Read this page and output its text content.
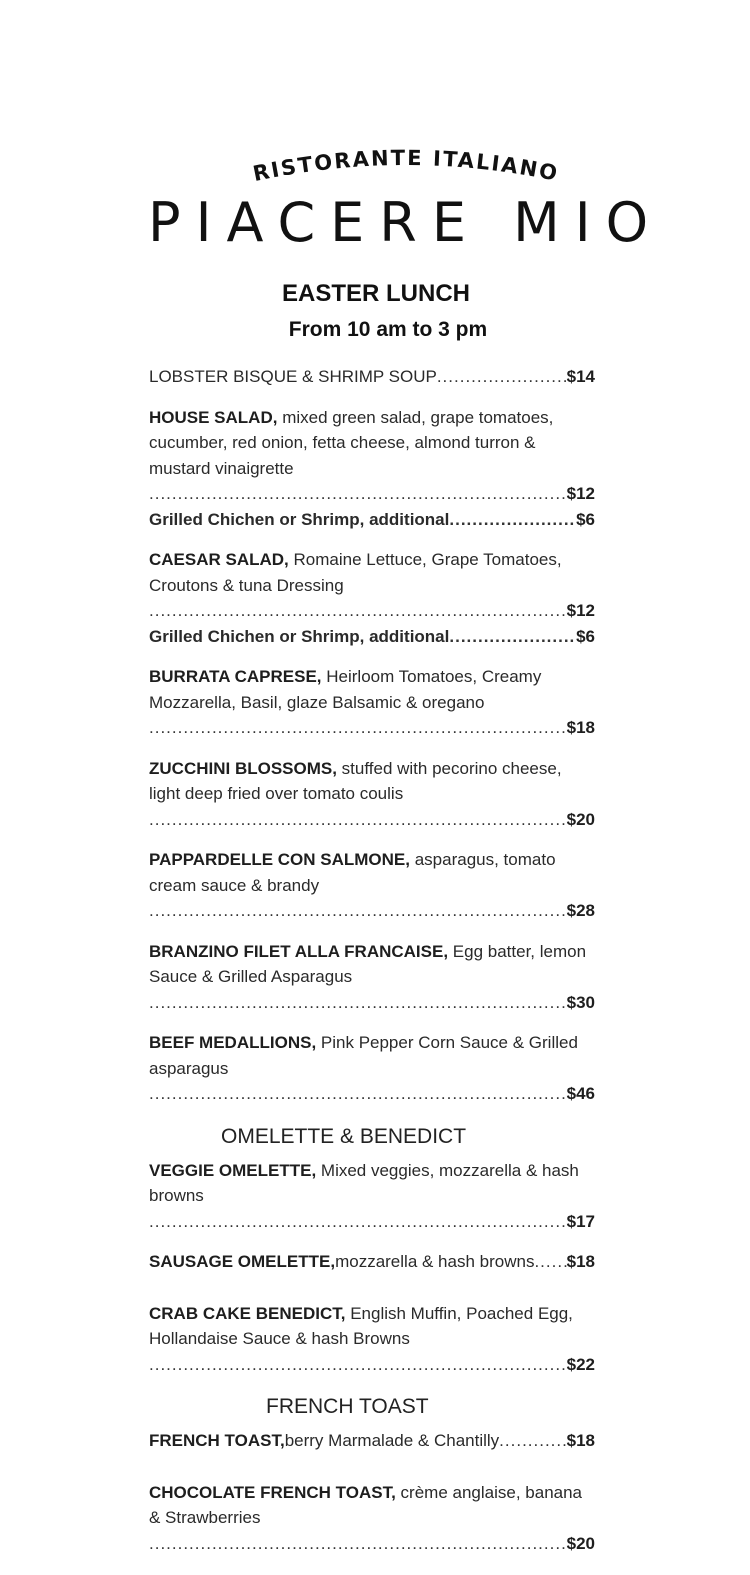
RISTORANTE ITALIANO
PIACERE MIO
EASTER LUNCH
From 10 am to 3 pm
LOBSTER BISQUE & SHRIMP SOUP .....	$14
HOUSE SALAD, mixed green salad, grape tomatoes, cucumber, red onion, fetta cheese, almond turron & mustard vinaigrette
.....
$12
Grilled Chichen or Shrimp, additional .....	$6
CAESAR SALAD, Romaine Lettuce, Grape Tomatoes, Croutons & tuna Dressing
.....
$12
Grilled Chichen or Shrimp, additional .....	$6
BURRATA CAPRESE, Heirloom Tomatoes, Creamy Mozzarella, Basil, glaze Balsamic & oregano
.....
$18
ZUCCHINI BLOSSOMS, stuffed with pecorino cheese, light deep fried over tomato coulis
.....
$20
PAPPARDELLE CON SALMONE, asparagus, tomato cream sauce & brandy
.....
$28
BRANZINO FILET ALLA FRANCAISE, Egg batter, lemon Sauce & Grilled Asparagus
.....
$30
BEEF MEDALLIONS, Pink Pepper Corn Sauce & Grilled asparagus
.....
$46
OMELETTE & BENEDICT
VEGGIE OMELETTE, Mixed veggies, mozzarella & hash browns
.....
$17
SAUSAGE OMELETTE, mozzarella & hash browns ..... $18
CRAB CAKE BENEDICT, English Muffin, Poached Egg, Hollandaise Sauce & hash Browns
.....
$22
FRENCH TOAST
FRENCH TOAST, berry Marmalade & Chantilly .....	$18
CHOCOLATE FRENCH TOAST, crème anglaise, banana & Strawberries
.....
$20
